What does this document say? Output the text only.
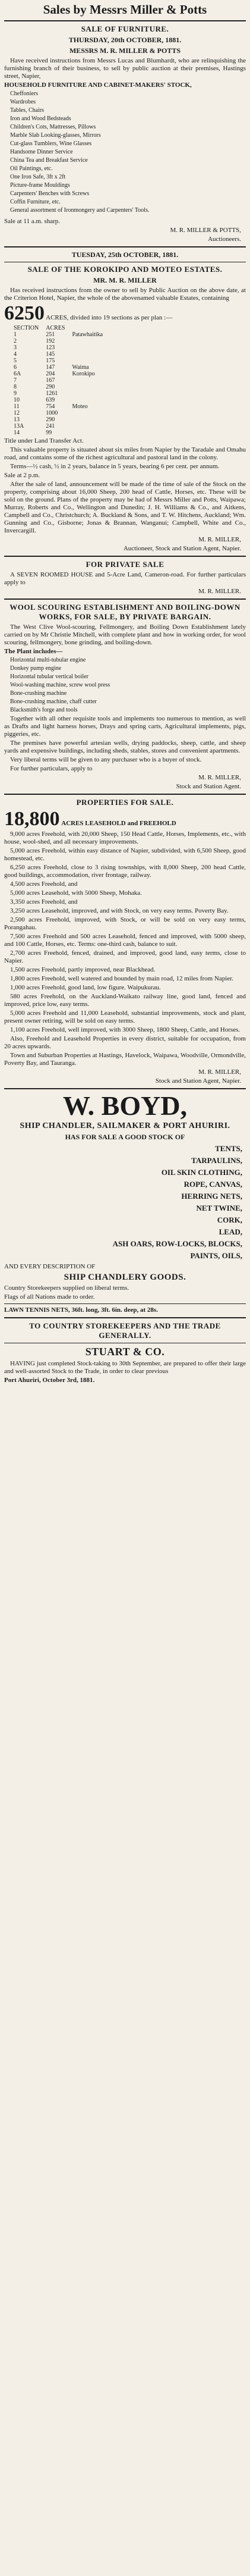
Sales by Messrs Miller & Potts
SALE OF FURNITURE.
THURSDAY, 20th OCTOBER, 1881.
MESSRS M. R. MILLER & POTTS

Have received instructions from Messrs Lucas and Blumhardt, who are relinquishing the furnishing branch of their business, to sell by public auction at their premises, Hastings street, Napier,

HOUSEHOLD FURNITURE AND CABINET-MAKERS' STOCK,

Cheffoniers
Wardrobes
Tables, Chairs
Iron and Wood Bedsteads
Children's Cots, Mattresses, Pillows
Marble Slab Looking-glasses, Mirrors
Cut-glass Tumblers, Wine Glasses
Handsome Dinner Service
China Tea and Breakfast Service
Oil Paintings, etc.
One Iron Safe, 3ft x 2ft
Picture-frame Mouldings
Carpenters' Benches with Screws
Coffin Furniture, etc.
General assortment of Ironmongery and Carpenters' Tools.
Sale at 11 a.m. sharp.
M. R. MILLER & POTTS,
Auctioneers.
TUESDAY, 25th OCTOBER, 1881.
SALE OF THE KOROKIPO AND MOTEO ESTATES.
MR. M. R. MILLER

Has received instructions from the owner to sell by Public Auction on the above date, at the Criterion Hotel, Napier, the whole of the abovenamed valuable Estates, containing

6250 ACRES, divided into 19 sections as per plan :—
SECTION	ACRES	
1	251	Patawhaitika
2	192	
3	123	
4	145	
5	175	
6	147	Waima
6A	204	Korokipo
7	167	
8	290	
9	1261	
10	639	
11	754	Moteo
12	1000	
13	290	
13A	241	
14	99	
Title under Land Transfer Act.

This valuable property is situated about six miles from Napier by the Taradale and Omahu road, and contains some of the richest agricultural and pastoral land in the colony.

Terms—½ cash, ½ in 2 years, balance in 5 years, bearing 6 per cent. per annum.

Sale at 2 p.m.

After the sale of land, announcement will be made of the time of sale of the Stock on the property, comprising about 16,000 Sheep, 200 head of Cattle, Horses, etc. These will be sold on the ground. Plans of the property may be had of Messrs Miller and Potts, Waipawa; Murray, Roberts and Co., Wellington and Dunedin; J. H. Williams & Co., and Aitkens, Campbell and Co., Christchurch; A. Buckland & Sons, and T. W. Hitchens, Auckland; Wm. Gunning and Co., Gisborne; Jonas & Brannan, Wanganui; Campbell, White and Co., Invercargill.

M. R. MILLER,
Auctioneer, Stock and Station Agent, Napier.
FOR PRIVATE SALE

A SEVEN ROOMED HOUSE and 5-Acre Land, Cameron-road. For further particulars apply to

M. R. MILLER.
WOOL SCOURING ESTABLISHMENT AND BOILING-DOWN WORKS, FOR SALE, BY PRIVATE BARGAIN.

The West Clive Wool-scouring, Fellmongery, and Boiling Down Establishment lately carried on by Mr Christie Mitchell, with complete plant and how in working order, for wool scouring, fellmongery, bone grinding, and boiling-down.

The Plant includes—

Horizontal multi-tubular engine
Donkey pump engine
Horizontal tubular vertical boiler
Wool-washing machine, screw wool press
Bone-crushing machine
Bone-crushing machine, chaff cutter
Blacksmith's forge and tools

Together with all other requisite tools and implements too numerous to mention, as well as Drafts and light harness horses, Drays and spring carts, Agricultural implements, pigs, piggeries, etc.

The premises have powerful artesian wells, drying paddocks, sheep, cattle, and sheep yards and expensive buildings, including sheds, stables, stores and convenient apartments.

Very liberal terms will be given to any purchaser who is a buyer of stock.

For further particulars, apply to

M. R. MILLER,
Stock and Station Agent.
PROPERTIES FOR SALE.
18,800 ACRES LEASEHOLD and FREEHOLD
9,000 acres Freehold, with 20,000 Sheep, 150 Head Cattle, Horses, Implements, etc., with house, wool-shed, and all necessary improvements.
5,000 acres Freehold, within easy distance of Napier, subdivided, with 6,500 Sheep, good homestead, etc.
6,250 acres Freehold, close to 3 rising townships, with 8,000 Sheep, 200 head Cattle, good buildings, accommodation, river frontage, railway.
4,500 acres Freehold, and
5,000 acres Leasehold, with 5000 Sheep, Mohaka.
3,350 acres Freehold, and
3,250 acres Leasehold, improved, and with Stock, on very easy terms. Poverty Bay.
2,500 acres Freehold, improved, with Stock, or will be sold on very easy terms, Porangahau.
7,500 acres Freehold and 500 acres Leasehold, fenced and improved, with 5000 sheep, and 100 Cattle, Horses, etc. Terms: one-third cash, balance to suit.
2,700 acres Freehold, fenced, drained, and improved, good land, easy terms, close to Napier.
1,500 acres Freehold, partly improved, near Blackhead.
1,800 acres Freehold, well watered and bounded by main road, 12 miles from Napier.
1,000 acres Freehold, good land, low figure. Waipukurau.
580 acres Freehold, on the Auckland-Waikato railway line, good land, fenced and improved, price low, easy terms.
5,000 acres Freehold and 11,000 Leasehold, substantial improvements, stock and plant, present owner retiring, will be sold on easy terms.
1,100 acres Freehold, well improved, with 3000 Sheep, 1800 Sheep, Cattle, and Horses.
Also, Freehold and Leasehold Properties in every district, suitable for occupation, from 20 acres upwards.
Town and Suburban Properties at Hastings, Havelock, Waipawa, Woodville, Ormondville, Poverty Bay, and Tauranga.
M. R. MILLER,
Stock and Station Agent, Napier.
W. BOYD,
SHIP CHANDLER, SAILMAKER & PORT AHURIRI.
HAS FOR SALE A GOOD STOCK OF
TENTS,
TARPAULINS,
OIL SKIN CLOTHING,
ROPE, CANVAS,
HERRING NETS,
NET TWINE,
CORK,
LEAD,
ASH OARS, ROW-LOCKS, BLOCKS,
PAINTS, OILS,
AND EVERY DESCRIPTION OF
SHIP CHANDLERY GOODS.
Country Storekeepers supplied on liberal terms.
Flags of all Nations made to order.
LAWN TENNIS NETS, 36ft. long, 3ft. 6in. deep, at 28s.
TO COUNTRY STOREKEEPERS AND THE TRADE GENERALLY.
STUART & CO.

HAVING just completed Stock-taking to 30th September, are prepared to offer their large and well-assorted Stock to the Trade, in order to clear previous

Port Ahuriri, October 3rd, 1881.
